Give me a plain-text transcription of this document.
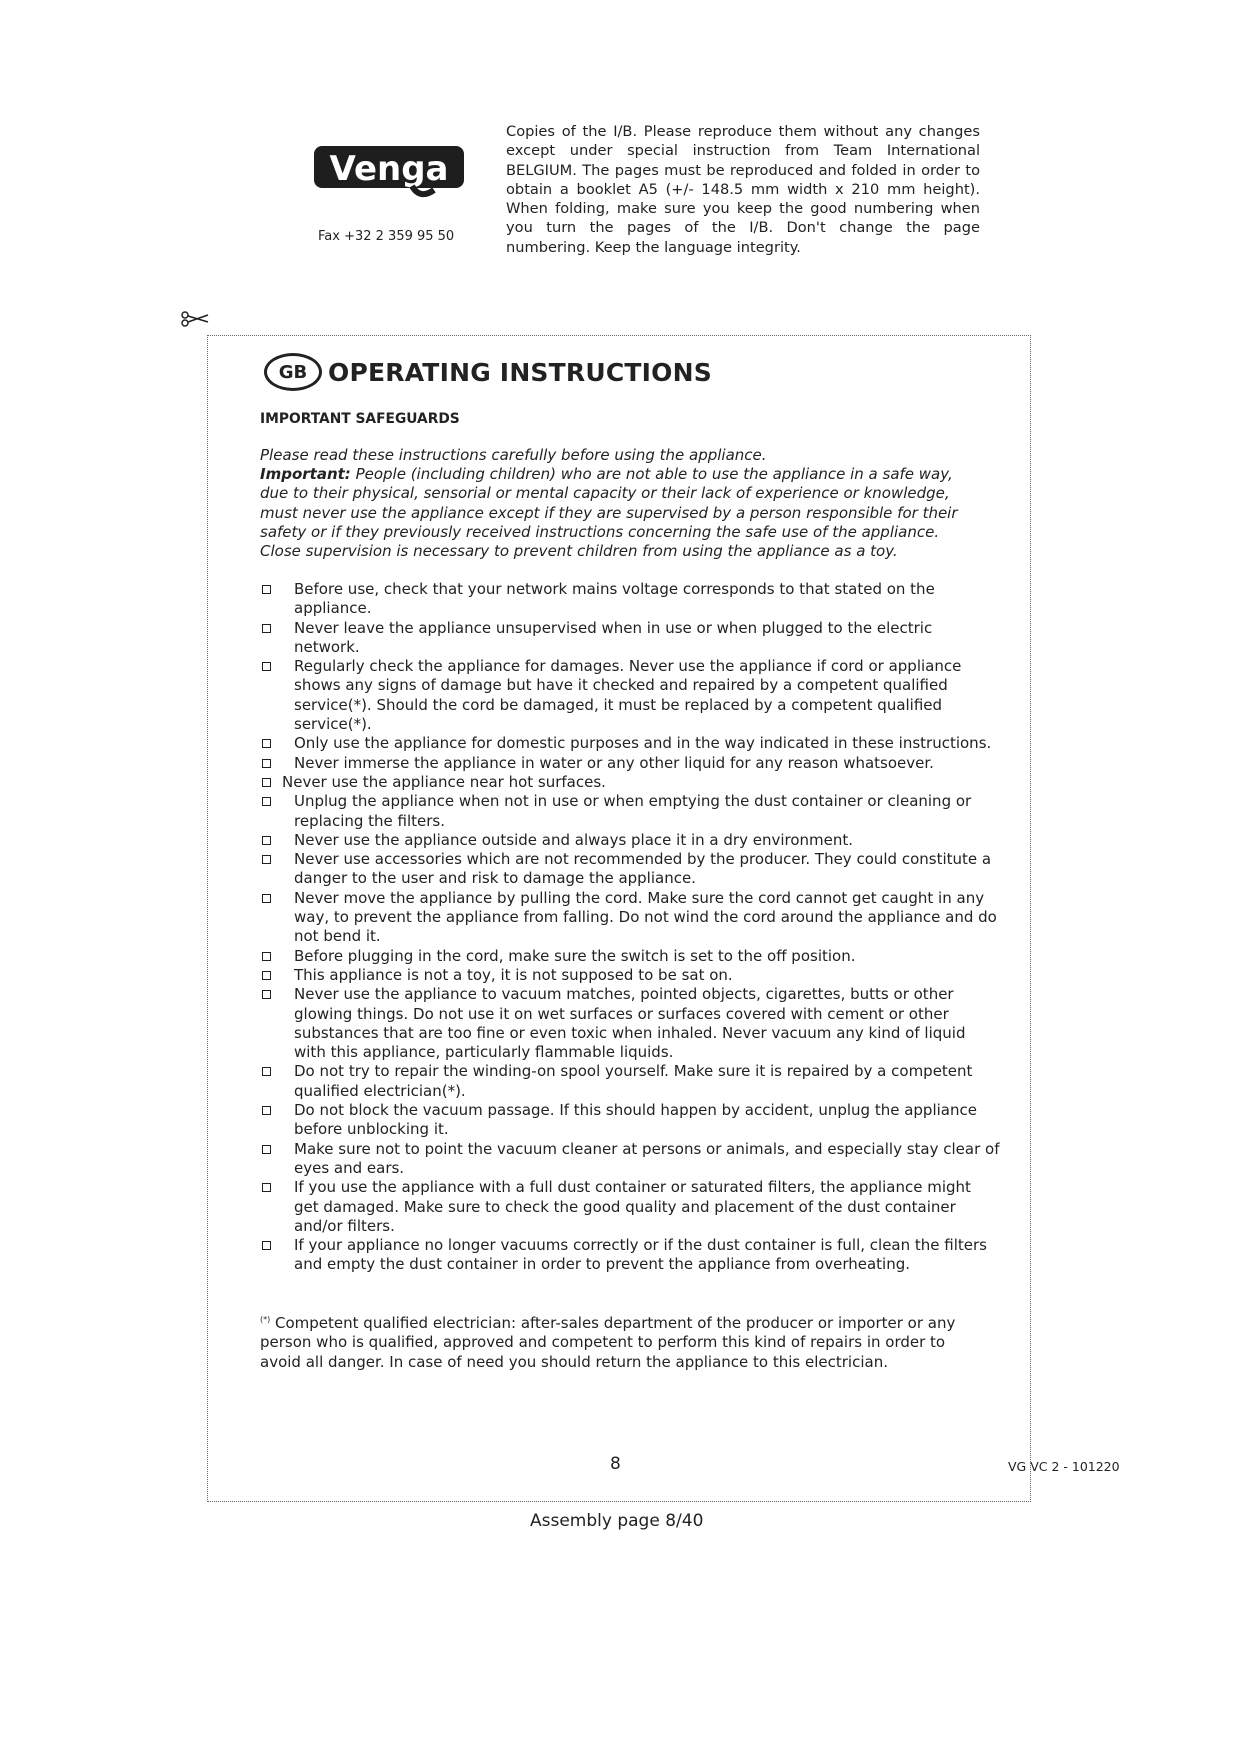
Venga
Fax +32 2 359 95 50
Copies of the I/B. Please reproduce them without any changes except under special instruction from Team International BELGIUM. The pages must be reproduced and folded in order to obtain a booklet A5 (+/- 148.5 mm width x 210 mm height). When folding, make sure you keep the good numbering when you turn the pages of the I/B. Don't change the page numbering. Keep the language integrity.
GB OPERATING INSTRUCTIONS
IMPORTANT SAFEGUARDS

Please read these instructions carefully before using the appliance.

Important: People (including children) who are not able to use the appliance in a safe way, due to their physical, sensorial or mental capacity or their lack of experience or knowledge, must never use the appliance except if they are supervised by a person responsible for their safety or if they previously received instructions concerning the safe use of the appliance.

Close supervision is necessary to prevent children from using the appliance as a toy.

Before use, check that your network mains voltage corresponds to that stated on the appliance.
Never leave the appliance unsupervised when in use or when plugged to the electric network.
Regularly check the appliance for damages. Never use the appliance if cord or appliance shows any signs of damage but have it checked and repaired by a competent qualified service(*). Should the cord be damaged, it must be replaced by a competent qualified service(*).
Only use the appliance for domestic purposes and in the way indicated in these instructions.
Never immerse the appliance in water or any other liquid for any reason whatsoever.
Never use the appliance near hot surfaces.
Unplug the appliance when not in use or when emptying the dust container or cleaning or replacing the filters.
Never use the appliance outside and always place it in a dry environment.
Never use accessories which are not recommended by the producer. They could constitute a danger to the user and risk to damage the appliance.
Never move the appliance by pulling the cord. Make sure the cord cannot get caught in any way, to prevent the appliance from falling. Do not wind the cord around the appliance and do not bend it.
Before plugging in the cord, make sure the switch is set to the off position.
This appliance is not a toy, it is not supposed to be sat on.
Never use the appliance to vacuum matches, pointed objects, cigarettes, butts or other glowing things. Do not use it on wet surfaces or surfaces covered with cement or other substances that are too fine or even toxic when inhaled. Never vacuum any kind of liquid with this appliance, particularly flammable liquids.
Do not try to repair the winding-on spool yourself. Make sure it is repaired by a competent qualified electrician(*).
Do not block the vacuum passage. If this should happen by accident, unplug the appliance before unblocking it.
Make sure not to point the vacuum cleaner at persons or animals, and especially stay clear of eyes and ears.
If you use the appliance with a full dust container or saturated filters, the appliance might get damaged. Make sure to check the good quality and placement of the dust container and/or filters.
If your appliance no longer vacuums correctly or if the dust container is full, clean the filters and empty the dust container in order to prevent the appliance from overheating.
(*) Competent qualified electrician: after-sales department of the producer or importer or any person who is qualified, approved and competent to perform this kind of repairs in order to avoid all danger. In case of need you should return the appliance to this electrician.
8	VG VC 2 - 101220
Assembly page 8/40
